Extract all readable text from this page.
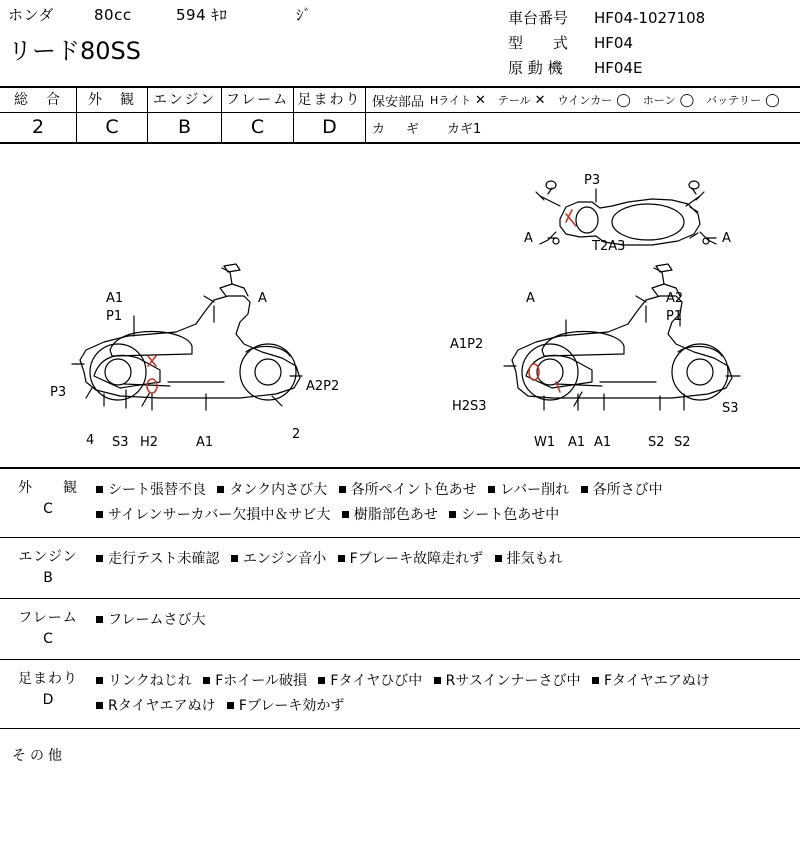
ホンダ	80cc	594 ｷﾛ	ｼﾞ
リード80SS
車台番号 HF04-1027108
型　　式 HF04
原 動 機 HF04E
総　合
2
外　観
C
エンジン
B
フレーム
C
足まわり
D
保安部品 Hライト ✕ テール ✕ ウインカー ◯ ホーン ◯ バッテリー ◯
カ　ギ カギ1
P3
A	A
T2A3
A1
P1
A
P3	A2P2
4 S3 H2	A1
2
A	A2
P1
A1P2
H2S3	S3
W1 A1 A1	S2 S2
外　　観
C
シート張替不良 タンク内さび大 各所ペイント色あせ レバー削れ 各所さび中 サイレンサーカバー欠損中＆サビ大 樹脂部色あせ シート色あせ中
エンジン
B
走行テスト未確認 エンジン音小 Fブレーキ故障走れず 排気もれ
フレーム
C
フレームさび大
足まわり
D
リンクねじれ Fホイール破損 Fタイヤひび中 Rサスインナーさび中 Fタイヤエアぬけ Rタイヤエアぬけ Fブレーキ効かず
その他
